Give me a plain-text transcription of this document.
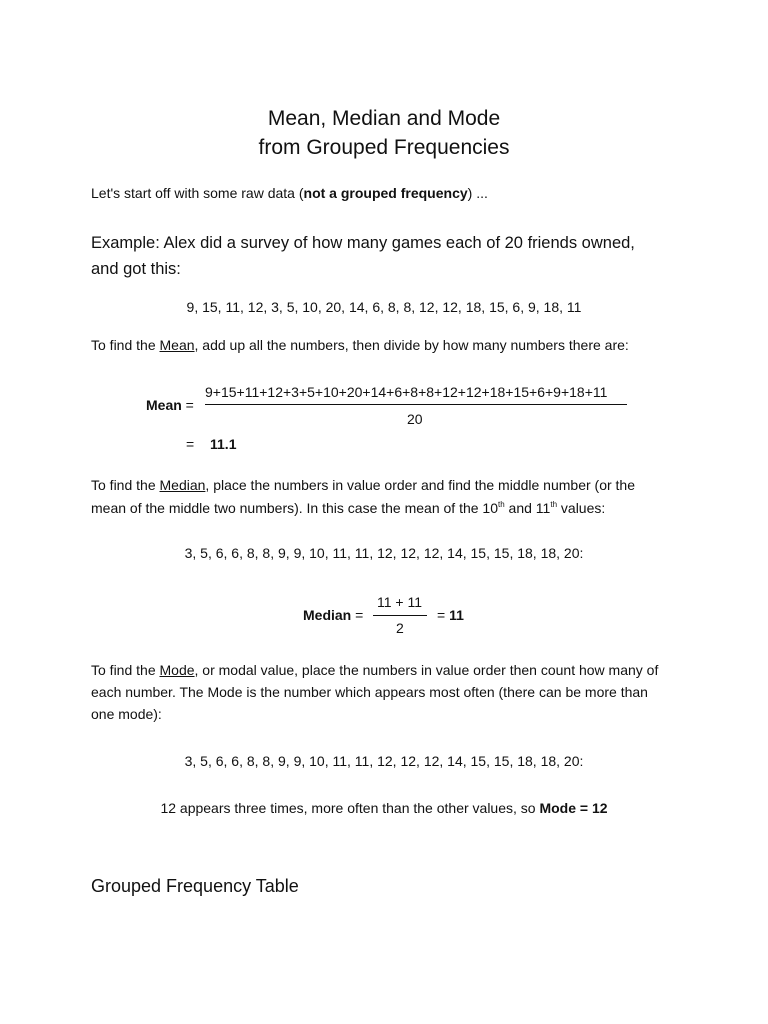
Mean, Median and Mode
from Grouped Frequencies
Let's start off with some raw data (not a grouped frequency) ...
Example: Alex did a survey of how many games each of 20 friends owned,
and got this:
9, 15, 11, 12, 3, 5, 10, 20, 14, 6, 8, 8, 12, 12, 18, 15, 6, 9, 18, 11
To find the Mean, add up all the numbers, then divide by how many numbers there are:
Mean =
9+15+11+12+3+5+10+20+14+6+8+8+12+12+18+15+6+9+18+11
20
= 11.1
To find the Median, place the numbers in value order and find the middle number (or the
mean of the middle two numbers). In this case the mean of the 10th and 11th values:
3, 5, 6, 6, 8, 8, 9, 9, 10, 11, 11, 12, 12, 12, 14, 15, 15, 18, 18, 20:
Median =
11 + 11
2
= 11
To find the Mode, or modal value, place the numbers in value order then count how many of
each number. The Mode is the number which appears most often (there can be more than
one mode):
3, 5, 6, 6, 8, 8, 9, 9, 10, 11, 11, 12, 12, 12, 14, 15, 15, 18, 18, 20:
12 appears three times, more often than the other values, so Mode = 12
Grouped Frequency Table
